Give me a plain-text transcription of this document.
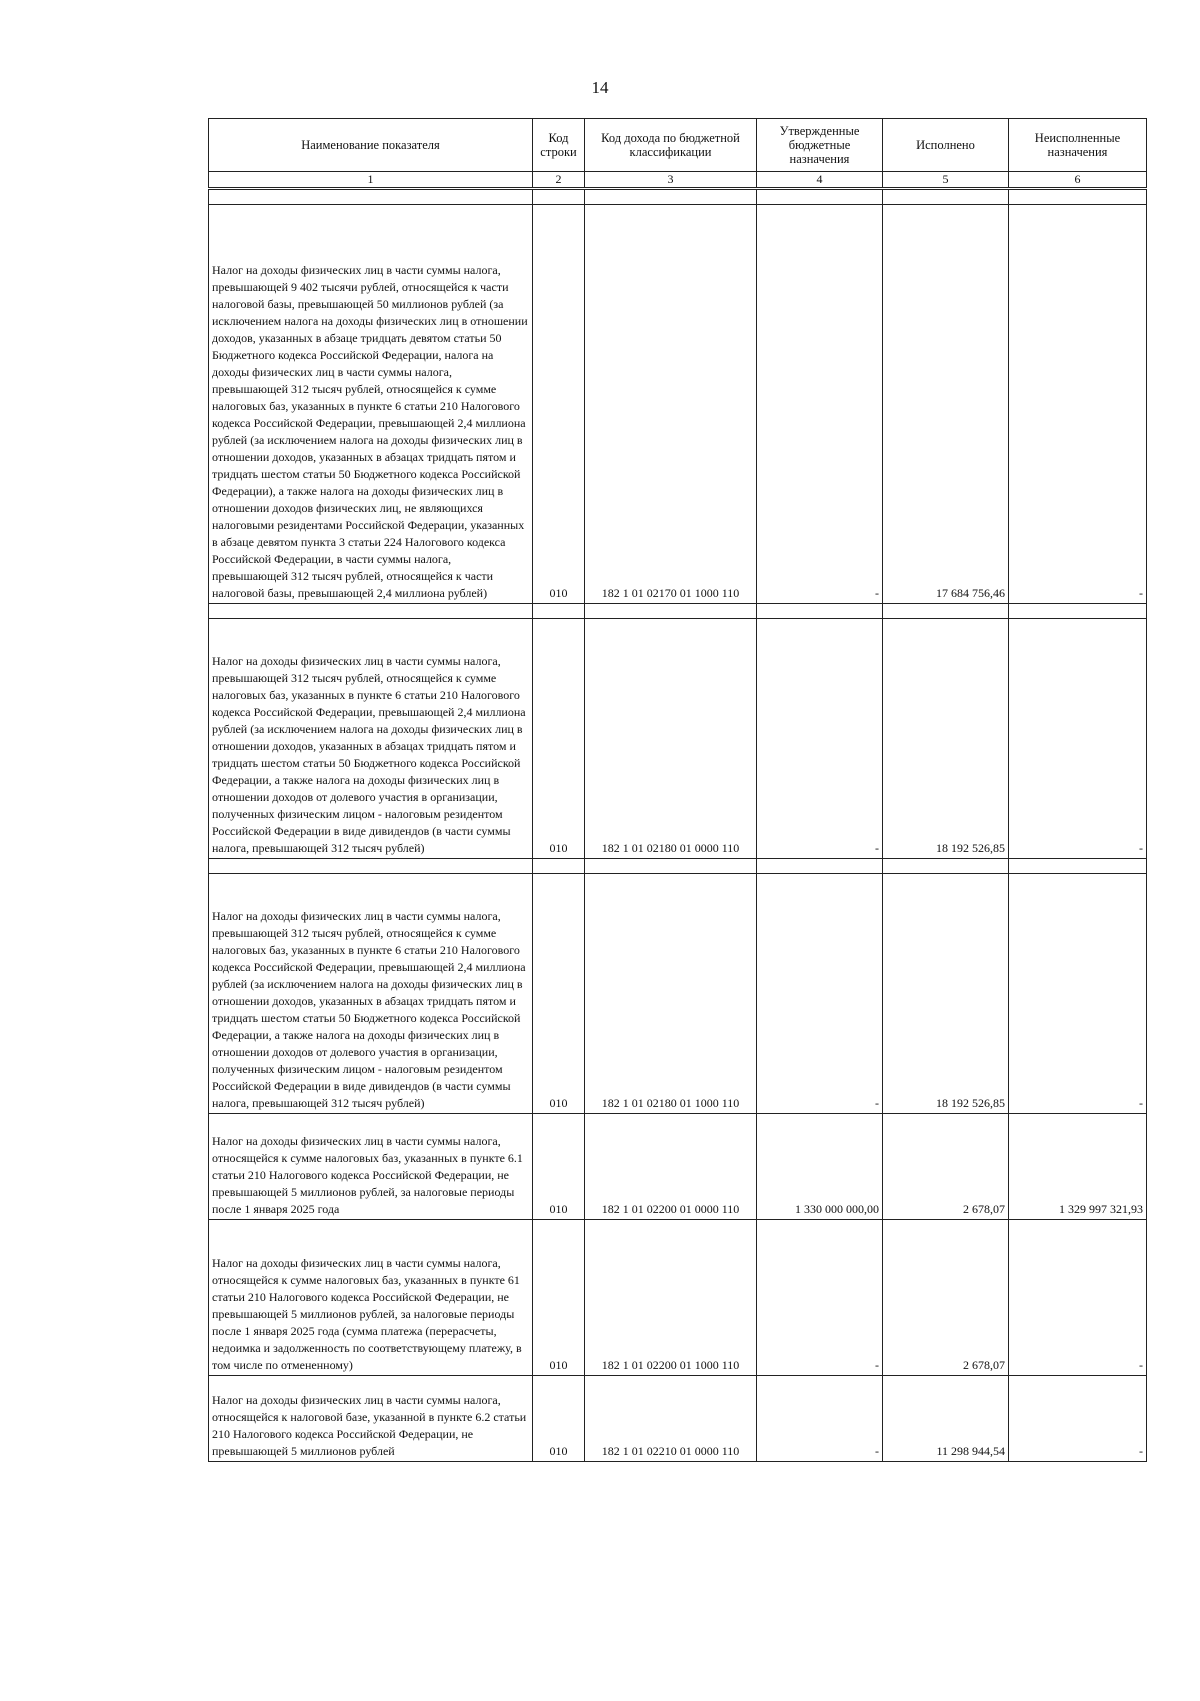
14
Наименование показателя	Код строки	Код дохода по бюджетной классификации	Утвержденные бюджетные назначения	Исполнено	Неисполненные назначения
1	2	3	4	5	6

Налог на доходы физических лиц в части суммы налога, превышающей 9 402 тысячи рублей, относящейся к части налоговой базы, превышающей 50 миллионов рублей (за исключением налога на доходы физических лиц в отношении доходов, указанных в абзаце тридцать девятом статьи 50 Бюджетного кодекса Российской Федерации, налога на доходы физических лиц в части суммы налога, превышающей 312 тысяч рублей, относящейся к сумме налоговых баз, указанных в пункте 6 статьи 210 Налогового кодекса Российской Федерации, превышающей 2,4 миллиона рублей (за исключением налога на доходы физических лиц в отношении доходов, указанных в абзацах тридцать пятом и тридцать шестом статьи 50 Бюджетного кодекса Российской Федерации), а также налога на доходы физических лиц в отношении доходов физических лиц, не являющихся налоговыми резидентами Российской Федерации, указанных в абзаце девятом пункта 3 статьи 224 Налогового кодекса Российской Федерации, в части суммы налога, превышающей 312 тысяч рублей, относящейся к части налоговой базы, превышающей 2,4 миллиона рублей)	010	182 1 01 02170 01 1000 110	-	17 684 756,46	-

Налог на доходы физических лиц в части суммы налога, превышающей 312 тысяч рублей, относящейся к сумме налоговых баз, указанных в пункте 6 статьи 210 Налогового кодекса Российской Федерации, превышающей 2,4 миллиона рублей (за исключением налога на доходы физических лиц в отношении доходов, указанных в абзацах тридцать пятом и тридцать шестом статьи 50 Бюджетного кодекса Российской Федерации, а также налога на доходы физических лиц в отношении доходов от долевого участия в организации, полученных физическим лицом - налоговым резидентом Российской Федерации в виде дивидендов (в части суммы налога, превышающей 312 тысяч рублей)	010	182 1 01 02180 01 0000 110	-	18 192 526,85	-

Налог на доходы физических лиц в части суммы налога, превышающей 312 тысяч рублей, относящейся к сумме налоговых баз, указанных в пункте 6 статьи 210 Налогового кодекса Российской Федерации, превышающей 2,4 миллиона рублей (за исключением налога на доходы физических лиц в отношении доходов, указанных в абзацах тридцать пятом и тридцать шестом статьи 50 Бюджетного кодекса Российской Федерации, а также налога на доходы физических лиц в отношении доходов от долевого участия в организации, полученных физическим лицом - налоговым резидентом Российской Федерации в виде дивидендов (в части суммы налога, превышающей 312 тысяч рублей)	010	182 1 01 02180 01 1000 110	-	18 192 526,85	-
Налог на доходы физических лиц в части суммы налога, относящейся к сумме налоговых баз, указанных в пункте 6.1 статьи 210 Налогового кодекса Российской Федерации, не превышающей 5 миллионов рублей, за налоговые периоды после 1 января 2025 года	010	182 1 01 02200 01 0000 110	1 330 000 000,00	2 678,07	1 329 997 321,93
Налог на доходы физических лиц в части суммы налога, относящейся к сумме налоговых баз, указанных в пункте 61 статьи 210 Налогового кодекса Российской Федерации, не превышающей 5 миллионов рублей, за налоговые периоды после 1 января 2025 года (сумма платежа (перерасчеты, недоимка и задолженность по соответствующему платежу, в том числе по отмененному)	010	182 1 01 02200 01 1000 110	-	2 678,07	-
Налог на доходы физических лиц в части суммы налога, относящейся к налоговой базе, указанной в пункте 6.2 статьи 210 Налогового кодекса Российской Федерации, не превышающей 5 миллионов рублей	010	182 1 01 02210 01 0000 110	-	11 298 944,54	-
